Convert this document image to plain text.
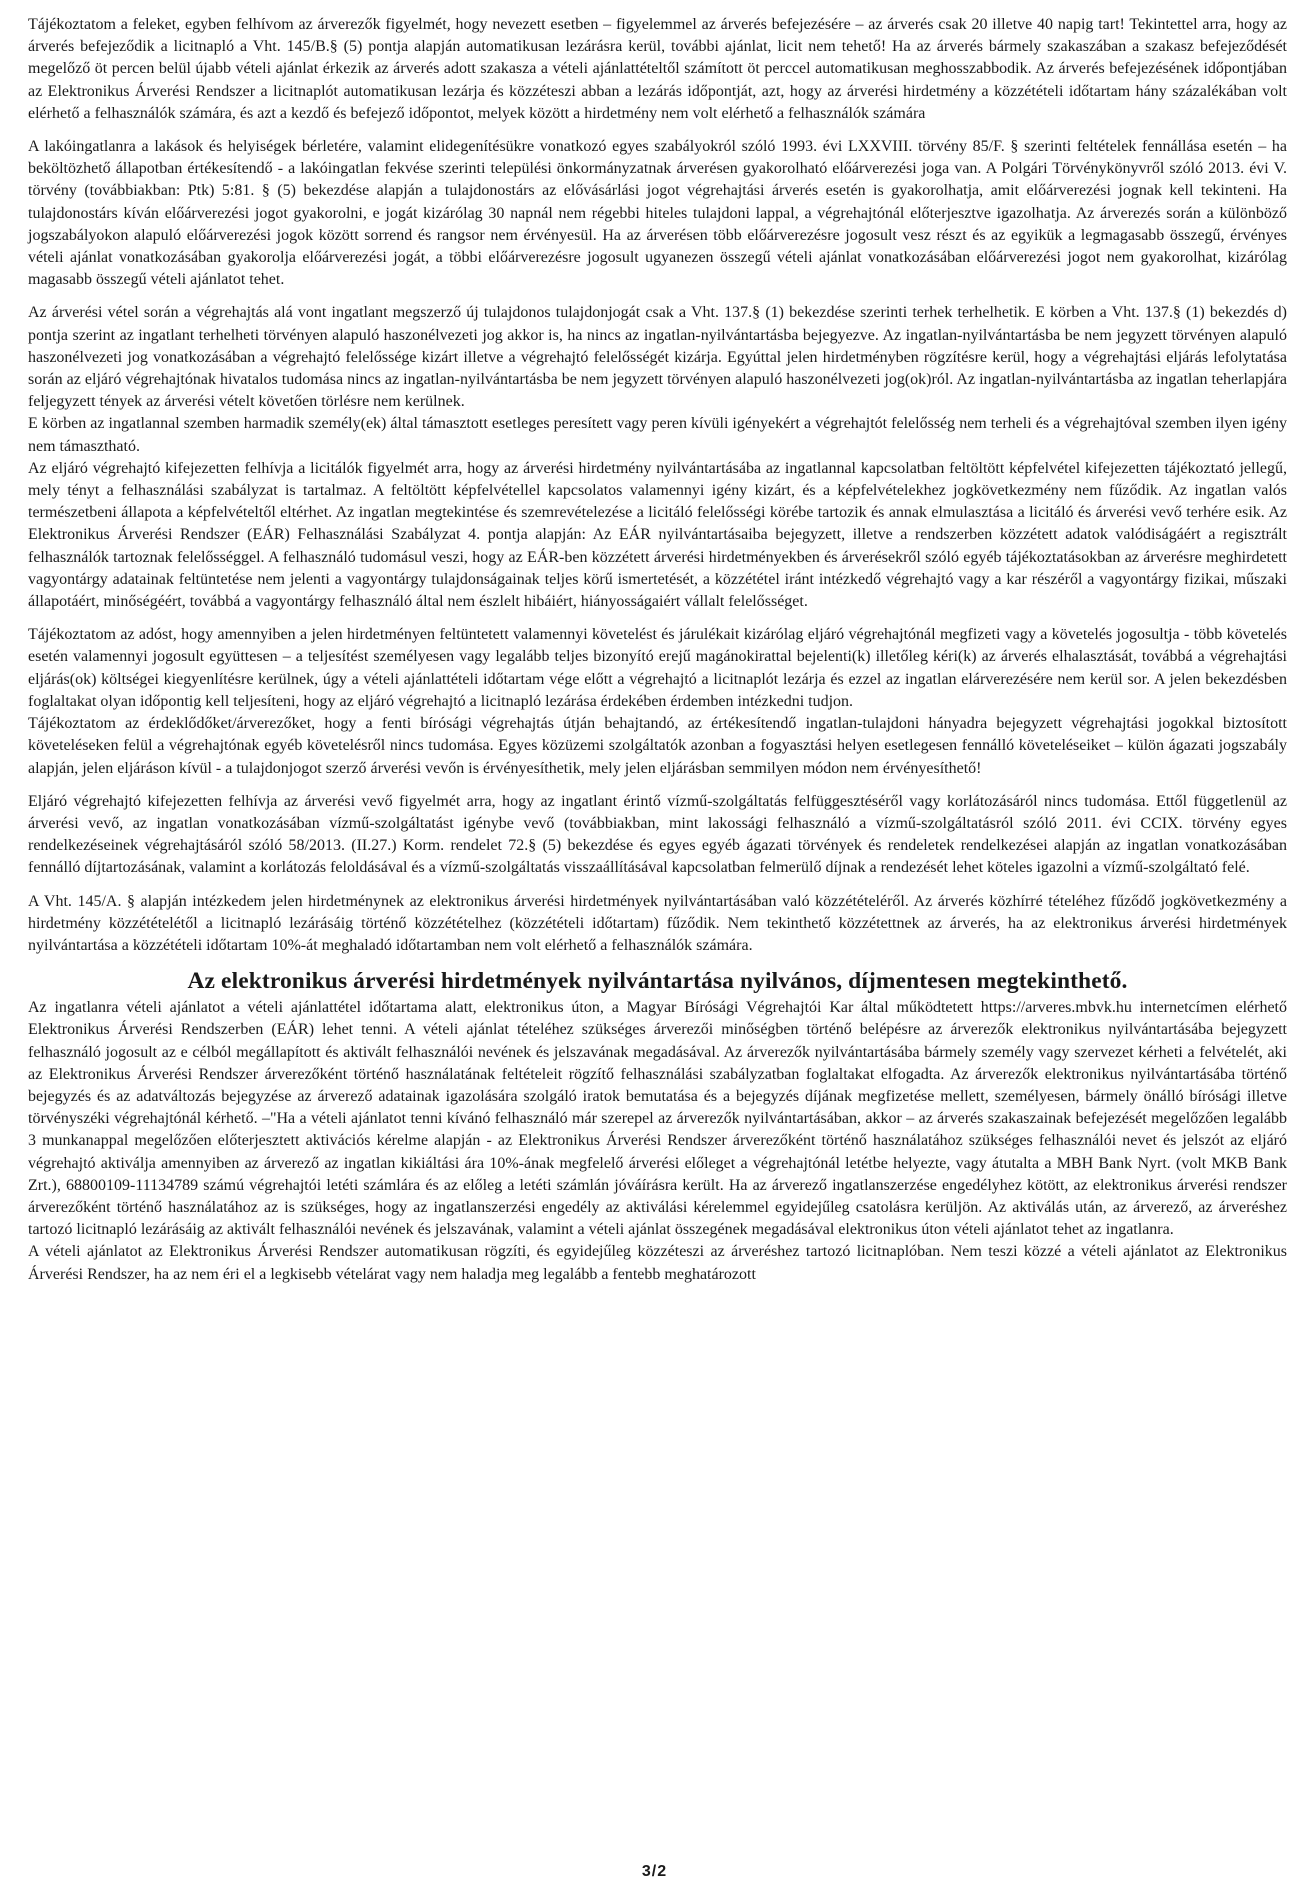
Tájékoztatom a feleket, egyben felhívom az árverezők figyelmét, hogy nevezett esetben – figyelemmel az árverés befejezésére – az árverés csak 20 illetve 40 napig tart! Tekintettel arra, hogy az árverés befejeződik a licitnapló a Vht. 145/B.§ (5) pontja alapján automatikusan lezárásra kerül, további ajánlat, licit nem tehető! Ha az árverés bármely szakaszában a szakasz befejeződését megelőző öt percen belül újabb vételi ajánlat érkezik az árverés adott szakasza a vételi ajánlattételtől számított öt perccel automatikusan meghosszabbodik. Az árverés befejezésének időpontjában az Elektronikus Árverési Rendszer a licitnaplót automatikusan lezárja és közzéteszi abban a lezárás időpontját, azt, hogy az árverési hirdetmény a közzétételi időtartam hány százalékában volt elérhető a felhasználók számára, és azt a kezdő és befejező időpontot, melyek között a hirdetmény nem volt elérhető a felhasználók számára

A lakóingatlanra a lakások és helyiségek bérletére, valamint elidegenítésükre vonatkozó egyes szabályokról szóló 1993. évi LXXVIII. törvény 85/F. § szerinti feltételek fennállása esetén – ha beköltözhető állapotban értékesítendő - a lakóingatlan fekvése szerinti települési önkormányzatnak árverésen gyakorolható előárverezési joga van. A Polgári Törvénykönyvről szóló 2013. évi V. törvény (továbbiakban: Ptk) 5:81. § (5) bekezdése alapján a tulajdonostárs az elővásárlási jogot végrehajtási árverés esetén is gyakorolhatja, amit előárverezési jognak kell tekinteni. Ha tulajdonostárs kíván előárverezési jogot gyakorolni, e jogát kizárólag 30 napnál nem régebbi hiteles tulajdoni lappal, a végrehajtónál előterjesztve igazolhatja. Az árverezés során a különböző jogszabályokon alapuló előárverezési jogok között sorrend és rangsor nem érvényesül. Ha az árverésen több előárverezésre jogosult vesz részt és az egyikük a legmagasabb összegű, érvényes vételi ajánlat vonatkozásában gyakorolja előárverezési jogát, a többi előárverezésre jogosult ugyanezen összegű vételi ajánlat vonatkozásában előárverezési jogot nem gyakorolhat, kizárólag magasabb összegű vételi ajánlatot tehet.

Az árverési vétel során a végrehajtás alá vont ingatlant megszerző új tulajdonos tulajdonjogát csak a Vht. 137.§ (1) bekezdése szerinti terhek terhelhetik. E körben a Vht. 137.§ (1) bekezdés d) pontja szerint az ingatlant terhelheti törvényen alapuló haszonélvezeti jog akkor is, ha nincs az ingatlan-nyilvántartásba bejegyezve. Az ingatlan-nyilvántartásba be nem jegyzett törvényen alapuló haszonélvezeti jog vonatkozásában a végrehajtó felelőssége kizárt illetve a végrehajtó felelősségét kizárja. Egyúttal jelen hirdetményben rögzítésre kerül, hogy a végrehajtási eljárás lefolytatása során az eljáró végrehajtónak hivatalos tudomása nincs az ingatlan-nyilvántartásba be nem jegyzett törvényen alapuló haszonélvezeti jog(ok)ról. Az ingatlan-nyilvántartásba az ingatlan teherlapjára feljegyzett tények az árverési vételt követően törlésre nem kerülnek.

E körben az ingatlannal szemben harmadik személy(ek) által támasztott esetleges peresített vagy peren kívüli igényekért a végrehajtót felelősség nem terheli és a végrehajtóval szemben ilyen igény nem támasztható.

Az eljáró végrehajtó kifejezetten felhívja a licitálók figyelmét arra, hogy az árverési hirdetmény nyilvántartásába az ingatlannal kapcsolatban feltöltött képfelvétel kifejezetten tájékoztató jellegű, mely tényt a felhasználási szabályzat is tartalmaz. A feltöltött képfelvétellel kapcsolatos valamennyi igény kizárt, és a képfelvételekhez jogkövetkezmény nem fűződik. Az ingatlan valós természetbeni állapota a képfelvételtől eltérhet. Az ingatlan megtekintése és szemrevételezése a licitáló felelősségi körébe tartozik és annak elmulasztása a licitáló és árverési vevő terhére esik. Az Elektronikus Árverési Rendszer (EÁR) Felhasználási Szabályzat 4. pontja alapján: Az EÁR nyilvántartásaiba bejegyzett, illetve a rendszerben közzétett adatok valódiságáért a regisztrált felhasználók tartoznak felelősséggel. A felhasználó tudomásul veszi, hogy az EÁR-ben közzétett árverési hirdetményekben és árverésekről szóló egyéb tájékoztatásokban az árverésre meghirdetett vagyontárgy adatainak feltüntetése nem jelenti a vagyontárgy tulajdonságainak teljes körű ismertetését, a közzététel iránt intézkedő végrehajtó vagy a kar részéről a vagyontárgy fizikai, műszaki állapotáért, minőségéért, továbbá a vagyontárgy felhasználó által nem észlelt hibáiért, hiányosságaiért vállalt felelősséget.

Tájékoztatom az adóst, hogy amennyiben a jelen hirdetményen feltüntetett valamennyi követelést és járulékait kizárólag eljáró végrehajtónál megfizeti vagy a követelés jogosultja - több követelés esetén valamennyi jogosult együttesen – a teljesítést személyesen vagy legalább teljes bizonyító erejű magánokirattal bejelenti(k) illetőleg kéri(k) az árverés elhalasztását, továbbá a végrehajtási eljárás(ok) költségei kiegyenlítésre kerülnek, úgy a vételi ajánlattételi időtartam vége előtt a végrehajtó a licitnaplót lezárja és ezzel az ingatlan elárverezésére nem kerül sor. A jelen bekezdésben foglaltakat olyan időpontig kell teljesíteni, hogy az eljáró végrehajtó a licitnapló lezárása érdekében érdemben intézkedni tudjon.

Tájékoztatom az érdeklődőket/árverezőket, hogy a fenti bírósági végrehajtás útján behajtandó, az értékesítendő ingatlan-tulajdoni hányadra bejegyzett végrehajtási jogokkal biztosított követeléseken felül a végrehajtónak egyéb követelésről nincs tudomása. Egyes közüzemi szolgáltatók azonban a fogyasztási helyen esetlegesen fennálló követeléseiket – külön ágazati jogszabály alapján, jelen eljáráson kívül - a tulajdonjogot szerző árverési vevőn is érvényesíthetik, mely jelen eljárásban semmilyen módon nem érvényesíthető!

Eljáró végrehajtó kifejezetten felhívja az árverési vevő figyelmét arra, hogy az ingatlant érintő vízmű-szolgáltatás felfüggesztéséről vagy korlátozásáról nincs tudomása. Ettől függetlenül az árverési vevő, az ingatlan vonatkozásában vízmű-szolgáltatást igénybe vevő (továbbiakban, mint lakossági felhasználó a vízmű-szolgáltatásról szóló 2011. évi CCIX. törvény egyes rendelkezéseinek végrehajtásáról szóló 58/2013. (II.27.) Korm. rendelet 72.§ (5) bekezdése és egyes egyéb ágazati törvények és rendeletek rendelkezései alapján az ingatlan vonatkozásában fennálló díjtartozásának, valamint a korlátozás feloldásával és a vízmű-szolgáltatás visszaállításával kapcsolatban felmerülő díjnak a rendezését lehet köteles igazolni a vízmű-szolgáltató felé.

A Vht. 145/A. § alapján intézkedem jelen hirdetménynek az elektronikus árverési hirdetmények nyilvántartásában való közzétételéről. Az árverés közhírré tételéhez fűződő jogkövetkezmény a hirdetmény közzétételétől a licitnapló lezárásáig történő közzétételhez (közzétételi időtartam) fűződik. Nem tekinthető közzétettnek az árverés, ha az elektronikus árverési hirdetmények nyilvántartása a közzétételi időtartam 10%-át meghaladó időtartamban nem volt elérhető a felhasználók számára.

Az elektronikus árverési hirdetmények nyilvántartása nyilvános, díjmentesen megtekinthető.

Az ingatlanra vételi ajánlatot a vételi ajánlattétel időtartama alatt, elektronikus úton, a Magyar Bírósági Végrehajtói Kar által működtetett https://arveres.mbvk.hu internetcímen elérhető Elektronikus Árverési Rendszerben (EÁR) lehet tenni. A vételi ajánlat tételéhez szükséges árverezői minőségben történő belépésre az árverezők elektronikus nyilvántartásába bejegyzett felhasználó jogosult az e célból megállapított és aktivált felhasználói nevének és jelszavának megadásával. Az árverezők nyilvántartásába bármely személy vagy szervezet kérheti a felvételét, aki az Elektronikus Árverési Rendszer árverezőként történő használatának feltételeit rögzítő felhasználási szabályzatban foglaltakat elfogadta. Az árverezők elektronikus nyilvántartásába történő bejegyzés és az adatváltozás bejegyzése az árverező adatainak igazolására szolgáló iratok bemutatása és a bejegyzés díjának megfizetése mellett, személyesen, bármely önálló bírósági illetve törvényszéki végrehajtónál kérhető. –"Ha a vételi ajánlatot tenni kívánó felhasználó már szerepel az árverezők nyilvántartásában, akkor – az árverés szakaszainak befejezését megelőzően legalább 3 munkanappal megelőzően előterjesztett aktivációs kérelme alapján - az Elektronikus Árverési Rendszer árverezőként történő használatához szükséges felhasználói nevet és jelszót az eljáró végrehajtó aktiválja amennyiben az árverező az ingatlan kikiáltási ára 10%-ának megfelelő árverési előleget a végrehajtónál letétbe helyezte, vagy átutalta a MBH Bank Nyrt. (volt MKB Bank Zrt.), 68800109-11134789 számú végrehajtói letéti számlára és az előleg a letéti számlán jóváírásra került. Ha az árverező ingatlanszerzése engedélyhez kötött, az elektronikus árverési rendszer árverezőként történő használatához az is szükséges, hogy az ingatlanszerzési engedély az aktiválási kérelemmel egyidejűleg csatolásra kerüljön. Az aktiválás után, az árverező, az árveréshez tartozó licitnapló lezárásáig az aktivált felhasználói nevének és jelszavának, valamint a vételi ajánlat összegének megadásával elektronikus úton vételi ajánlatot tehet az ingatlanra.

A vételi ajánlatot az Elektronikus Árverési Rendszer automatikusan rögzíti, és egyidejűleg közzéteszi az árveréshez tartozó licitnaplóban. Nem teszi közzé a vételi ajánlatot az Elektronikus Árverési Rendszer, ha az nem éri el a legkisebb vételárat vagy nem haladja meg legalább a fentebb meghatározott

3/2
